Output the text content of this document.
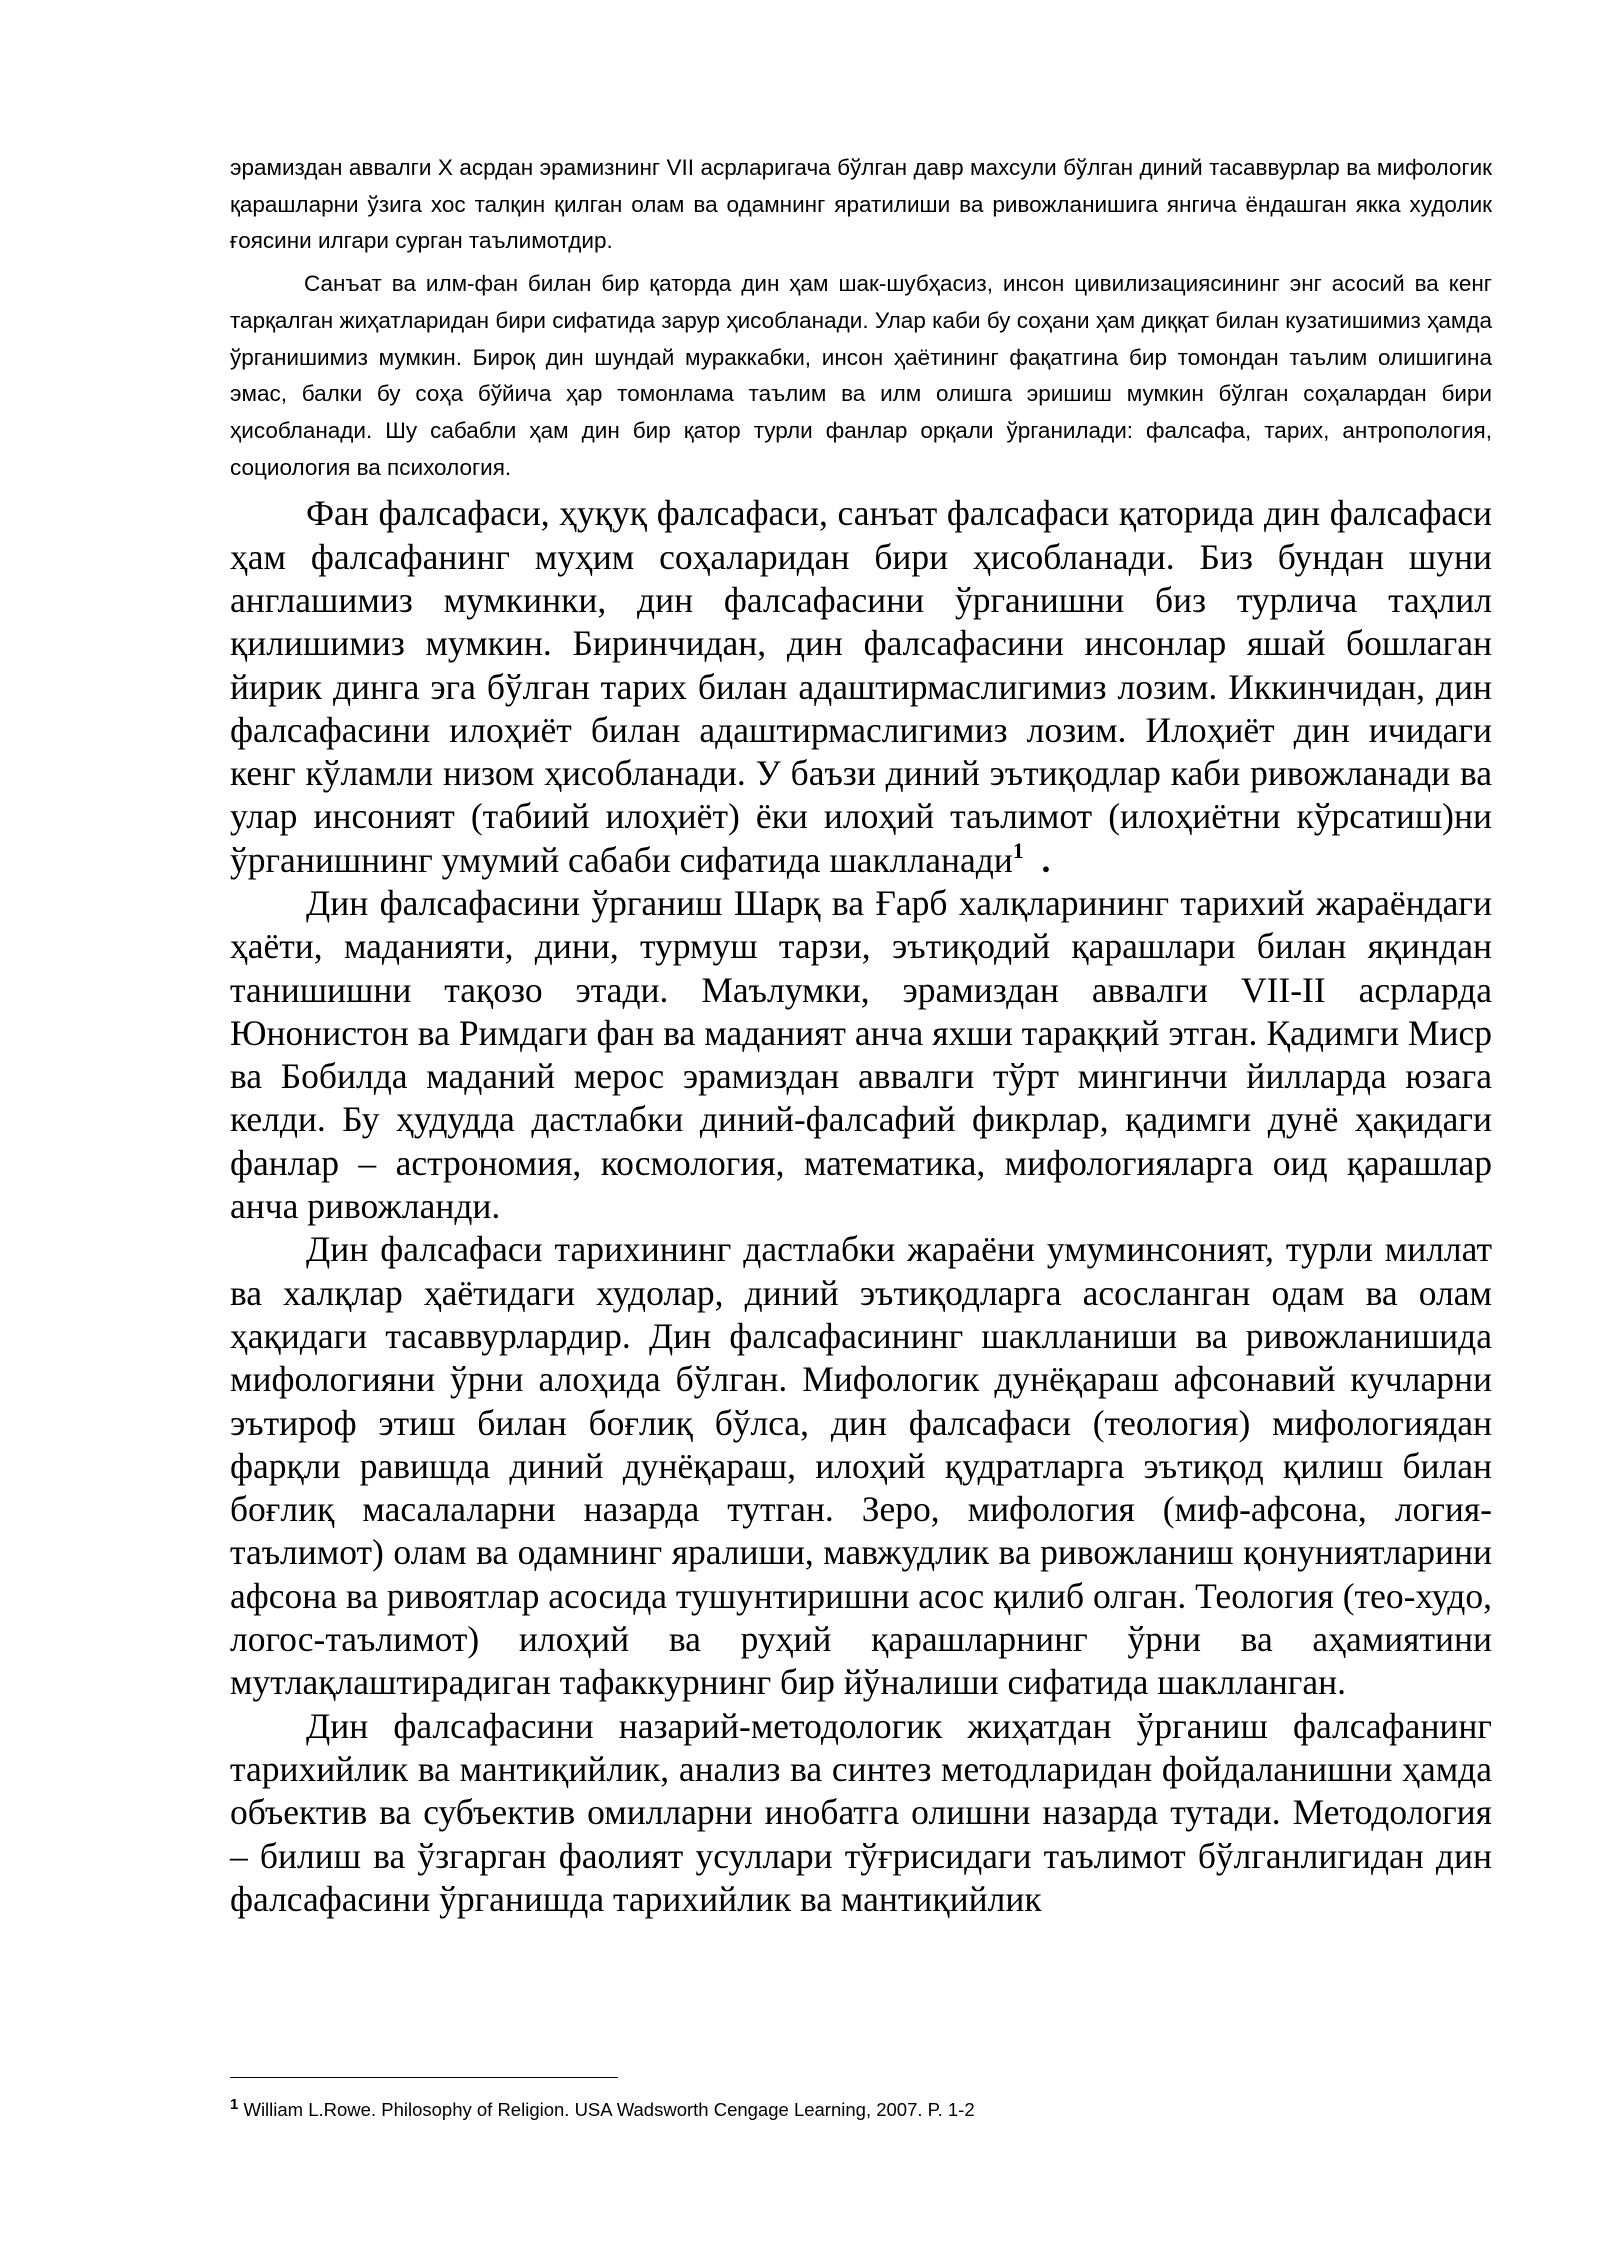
эрамиздан аввалги X асрдан эрамизнинг VII асрларигача бўлган давр махсули бўлган диний тасаввурлар ва мифологик қарашларни ўзига хос талқин қилган олам ва одамнинг яратилиши ва ривожланишига янгича ёндашган якка худолик ғоясини илгари сурган таълимотдир.

Санъат ва илм-фан билан бир қаторда дин ҳам шак-шубҳасиз, инсон цивилизациясининг энг асосий ва кенг тарқалган жиҳатларидан бири сифатида зарур ҳисобланади. Улар каби бу соҳани ҳам диққат билан кузатишимиз ҳамда ўрганишимиз мумкин. Бироқ дин шундай мураккабки, инсон ҳаётининг фақатгина бир томондан таълим олишигина эмас, балки бу соҳа бўйича ҳар томонлама таълим ва илм олишга эришиш мумкин бўлган соҳалардан бири ҳисобланади. Шу сабабли ҳам дин бир қатор турли фанлар орқали ўрганилади: фалсафа, тарих, антропология, социология ва психология.

Фан фалсафаси, ҳуқуқ фалсафаси, санъат фалсафаси қаторида дин фалсафаси ҳам фалсафанинг муҳим соҳаларидан бири ҳисобланади. Биз бундан шуни англашимиз мумкинки, дин фалсафасини ўрганишни биз турлича таҳлил қилишимиз мумкин. Биринчидан, дин фалсафасини инсонлар яшай бошлаган йирик динга эга бўлган тарих билан адаштирмаслигимиз лозим. Иккинчидан, дин фалсафасини илоҳиёт билан адаштирмаслигимиз лозим. Илоҳиёт дин ичидаги кенг кўламли низом ҳисобланади. У баъзи диний эътиқодлар каби ривожланади ва улар инсоният (табиий илоҳиёт) ёки илоҳий таълимот (илоҳиётни кўрсатиш)ни ўрганишнинг умумий сабаби сифатида шаклланади$^1$ .

Дин фалсафасини ўрганиш Шарқ ва Ғарб халқларининг тарихий жараёндаги ҳаёти, маданияти, дини, турмуш тарзи, эътиқодий қарашлари билан яқиндан танишишни тақозо этади. Маълумки, эрамиздан аввалги VII-II асрларда Юнонистон ва Римдаги фан ва маданият анча яхши тараққий этган. Қадимги Миср ва Бобилда маданий мерос эрамиздан аввалги тўрт мингинчи йилларда юзага келди. Бу ҳудудда дастлабки диний-фалсафий фикрлар, қадимги дунё ҳақидаги фанлар – астрономия, космология, математика, мифологияларга оид қарашлар анча ривожланди.

Дин фалсафаси тарихининг дастлабки жараёни умуминсоният, турли миллат ва халқлар ҳаётидаги худолар, диний эътиқодларга асосланган одам ва олам ҳақидаги тасаввурлардир. Дин фалсафасининг шаклланиши ва ривожланишида мифологияни ўрни алоҳида бўлган. Мифологик дунёқараш афсонавий кучларни эътироф этиш билан боғлиқ бўлса, дин фалсафаси (теология) мифологиядан фарқли равишда диний дунёқараш, илоҳий қудратларга эътиқод қилиш билан боғлиқ масалаларни назарда тутган. Зеро, мифология (миф-афсона, логия-таълимот) олам ва одамнинг яралиши, мавжудлик ва ривожланиш қонуниятларини афсона ва ривоятлар асосида тушунтиришни асос қилиб олган. Теология (тео-худо, логос-таълимот) илоҳий ва руҳий қарашларнинг ўрни ва аҳамиятини мутлақлаштирадиган тафаккурнинг бир йўналиши сифатида шаклланган.

Дин фалсафасини назарий-методологик жиҳатдан ўрганиш фалсафанинг тарихийлик ва мантиқийлик, анализ ва синтез методларидан фойдаланишни ҳамда объектив ва субъектив омилларни инобатга олишни назарда тутади. Методология – билиш ва ўзгарган фаолият усуллари тўғрисидаги таълимот бўлганлигидан дин фалсафасини ўрганишда тарихийлик ва мантиқийлик

$^1$ William L.Rowe. Philosophy of Religion. USA Wadsworth Cengage Learning, 2007. P. 1-2
